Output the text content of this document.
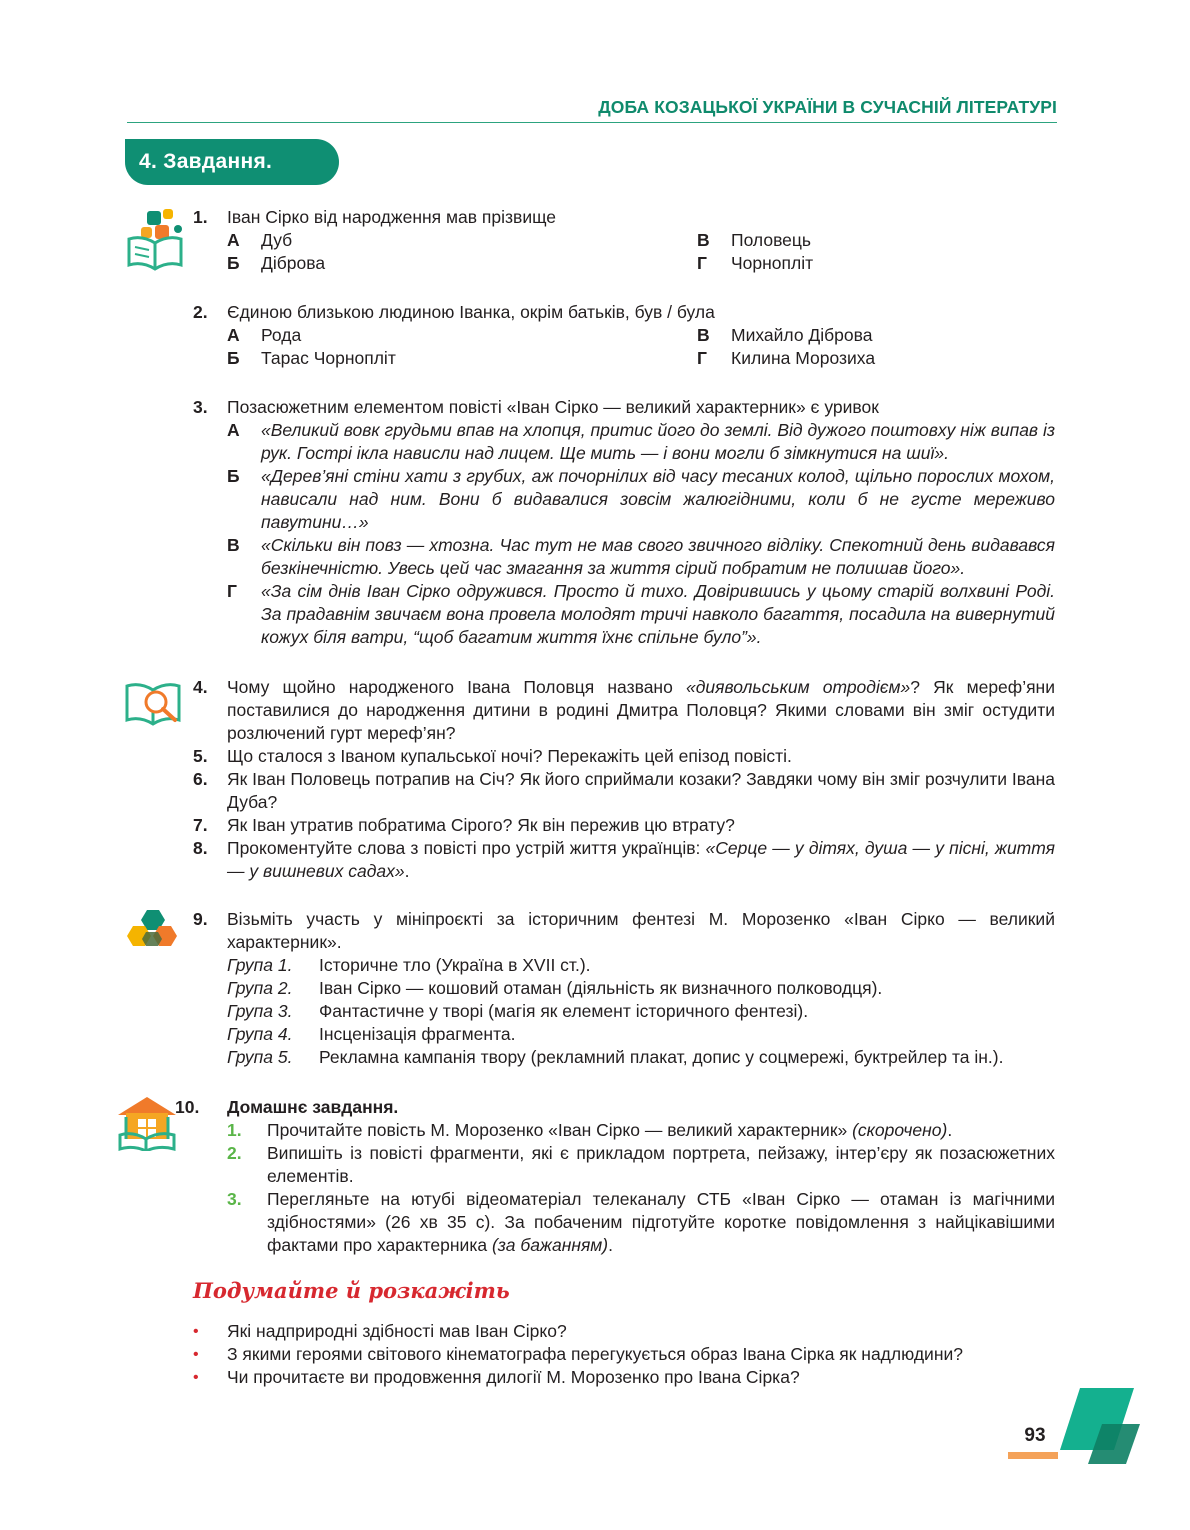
ДОБА КОЗАЦЬКОЇ УКРАЇНИ В СУЧАСНІЙ ЛІТЕРАТУРІ
4. Завдання.
1.	Іван Сірко від народження мав прізвище
А	Дуб	В	Половець
Б	Діброва	Г	Чорнопліт
2.	Єдиною близькою людиною Іванка, окрім батьків, був / була
А	Рода	В	Михайло Діброва
Б	Тарас Чорнопліт	Г	Килина Морозиха
3.	Позасюжетним елементом повісті «Іван Сірко — великий характерник» є уривок
А	«Великий вовк грудьми впав на хлопця, притис його до землі. Від дужого поштовху ніж випав із рук. Гострі ікла нависли над лицем. Ще мить — і вони могли б зімкнутися на шиї».
Б	«Дерев’яні стіни хати з грубих, аж почорнілих від часу тесаних колод, щільно порослих мохом, нависали над ним. Вони б видавалися зовсім жалюгідними, коли б не густе мереживо павутини…»
В	«Скільки він повз — хтозна. Час тут не мав свого звичного відліку. Спекотний день видавався безкінечністю. Увесь цей час змагання за життя сірий побратим не полишав його».
Г	«За сім днів Іван Сірко одружився. Просто й тихо. Довірившись у цьому старій волхвині Роді. За прадавнім звичаєм вона провела молодят тричі навколо багаття, посадила на вивернутий кожух біля ватри, “щоб багатим життя їхнє спільне було”».
4.	Чому щойно народженого Івана Половця названо «диявольським отродієм»? Як мереф’яни поставилися до народження дитини в родині Дмитра Половця? Якими словами він зміг остудити розлючений гурт мереф’ян?
5.	Що сталося з Іваном купальської ночі? Перекажіть цей епізод повісті.
6.	Як Іван Половець потрапив на Січ? Як його сприймали козаки? Завдяки чому він зміг розчулити Івана Дуба?
7.	Як Іван утратив побратима Сірого? Як він пережив цю втрату?
8.	Прокоментуйте слова з повісті про устрій життя українців: «Серце — у дітях, душа — у пісні, життя — у вишневих садах».
9.	Візьміть участь у мініпроєкті за історичним фентезі М. Морозенко «Іван Сірко — великий характерник».
Група 1.	Історичне тло (Україна в XVII ст.).
Група 2.	Іван Сірко — кошовий отаман (діяльність як визначного полководця).
Група 3.	Фантастичне у творі (магія як елемент історичного фентезі).
Група 4.	Інсценізація фрагмента.
Група 5.	Рекламна кампанія твору (рекламний плакат, допис у соцмережі, буктрейлер та ін.).
10.	Домашнє завдання.
1.	Прочитайте повість М. Морозенко «Іван Сірко — великий характерник» (скорочено).
2.	Випишіть із повісті фрагменти, які є прикладом портрета, пейзажу, інтер’єру як позасюжетних елементів.
3.	Перегляньте на ютубі відеоматеріал телеканалу СТБ «Іван Сірко — отаман із магічними здібностями» (26 хв 35 с). За побаченим підготуйте коротке повідомлення з найцікавішими фактами про характерника (за бажанням).
Подумайте й розкажіть
•	Які надприродні здібності мав Іван Сірко?
•	З якими героями світового кінематографа перегукується образ Івана Сірка як надлюдини?
•	Чи прочитаєте ви продовження дилогії М. Морозенко про Івана Сірка?
93
